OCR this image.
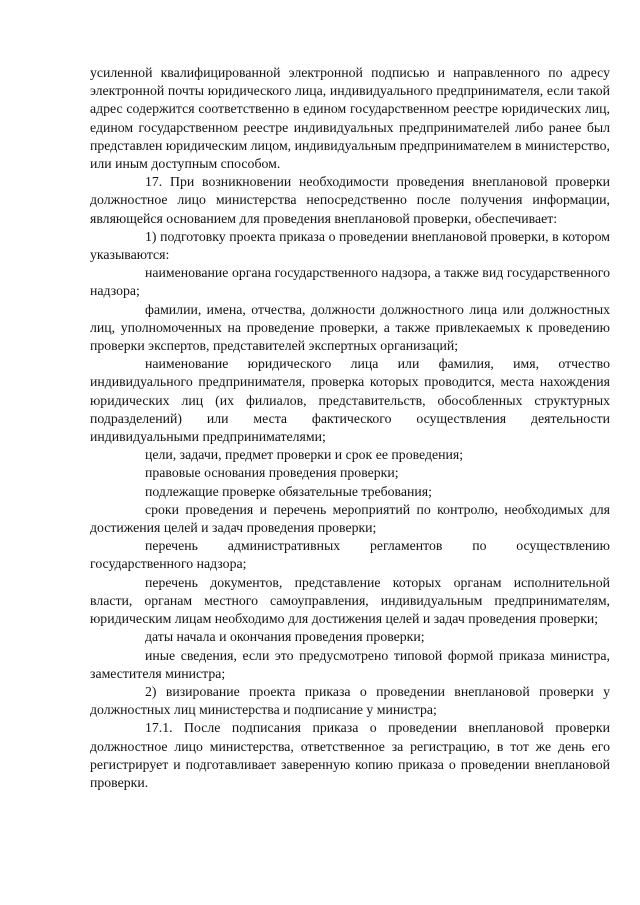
усиленной квалифицированной электронной подписью и направленного по адресу электронной почты юридического лица, индивидуального предпринимателя, если такой адрес содержится соответственно в едином государственном реестре юридических лиц, едином государственном реестре индивидуальных предпринимателей либо ранее был представлен юридическим лицом, индивидуальным предпринимателем в министерство, или иным доступным способом.

17. При возникновении необходимости проведения внеплановой проверки должностное лицо министерства непосредственно после получения информации, являющейся основанием для проведения внеплановой проверки, обеспечивает:

1) подготовку проекта приказа о проведении внеплановой проверки, в котором указываются:

наименование органа государственного надзора, а также вид государственного надзора;

фамилии, имена, отчества, должности должностного лица или должностных лиц, уполномоченных на проведение проверки, а также привлекаемых к проведению проверки экспертов, представителей экспертных организаций;

наименование юридического лица или фамилия, имя, отчество индивидуального предпринимателя, проверка которых проводится, места нахождения юридических лиц (их филиалов, представительств, обособленных структурных подразделений) или места фактического осуществления деятельности индивидуальными предпринимателями;

цели, задачи, предмет проверки и срок ее проведения;

правовые основания проведения проверки;

подлежащие проверке обязательные требования;

сроки проведения и перечень мероприятий по контролю, необходимых для достижения целей и задач проведения проверки;

перечень административных регламентов по осуществлению государственного надзора;

перечень документов, представление которых органам исполнительной власти, органам местного самоуправления, индивидуальным предпринимателям, юридическим лицам необходимо для достижения целей и задач проведения проверки;

даты начала и окончания проведения проверки;

иные сведения, если это предусмотрено типовой формой приказа министра, заместителя министра;

2) визирование проекта приказа о проведении внеплановой проверки у должностных лиц министерства и подписание у министра;

17.1. После подписания приказа о проведении внеплановой проверки должностное лицо министерства, ответственное за регистрацию, в тот же день его регистрирует и подготавливает заверенную копию приказа о проведении внеплановой проверки.
